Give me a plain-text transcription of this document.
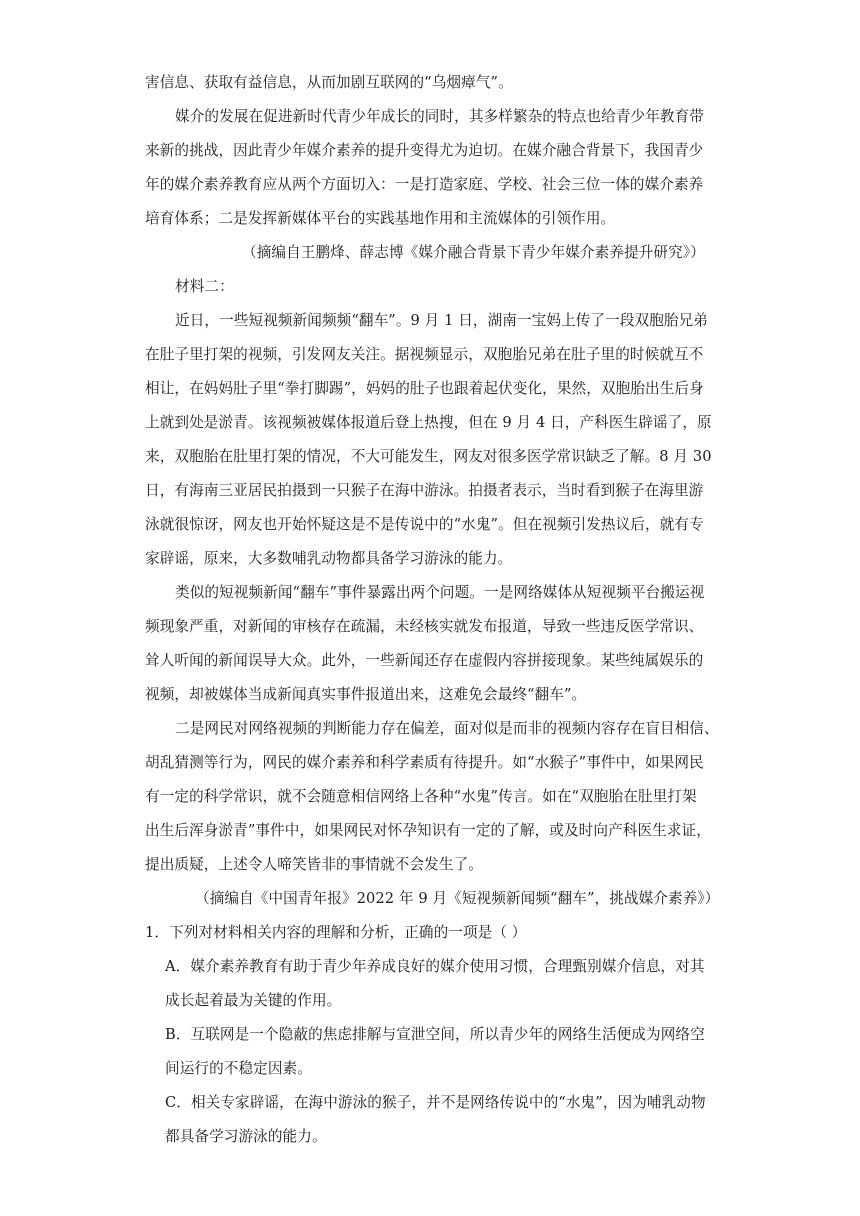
害信息、获取有益信息，从而加剧互联网的“乌烟瘴气”。
媒介的发展在促进新时代青少年成长的同时，其多样繁杂的特点也给青少年教育带
来新的挑战，因此青少年媒介素养的提升变得尤为迫切。在媒介融合背景下，我国青少
年的媒介素养教育应从两个方面切入：一是打造家庭、学校、社会三位一体的媒介素养
培育体系；二是发挥新媒体平台的实践基地作用和主流媒体的引领作用。
（摘编自王鹏烽、薛志博《媒介融合背景下青少年媒介素养提升研究》）
材料二：
近日，一些短视频新闻频频“翻车”。9 月 1 日，湖南一宝妈上传了一段双胞胎兄弟
在肚子里打架的视频，引发网友关注。据视频显示，双胞胎兄弟在肚子里的时候就互不
相让，在妈妈肚子里“拳打脚踢”，妈妈的肚子也跟着起伏变化，果然，双胞胎出生后身
上就到处是淤青。该视频被媒体报道后登上热搜，但在 9 月 4 日，产科医生辟谣了，原
来，双胞胎在肚里打架的情况，不大可能发生，网友对很多医学常识缺乏了解。8 月 30
日，有海南三亚居民拍摄到一只猴子在海中游泳。拍摄者表示，当时看到猴子在海里游
泳就很惊讶，网友也开始怀疑这是不是传说中的“水鬼”。但在视频引发热议后，就有专
家辟谣，原来，大多数哺乳动物都具备学习游泳的能力。
类似的短视频新闻“翻车”事件暴露出两个问题。一是网络媒体从短视频平台搬运视
频现象严重，对新闻的审核存在疏漏，未经核实就发布报道，导致一些违反医学常识、
耸人听闻的新闻误导大众。此外，一些新闻还存在虚假内容拼接现象。某些纯属娱乐的
视频，却被媒体当成新闻真实事件报道出来，这难免会最终“翻车”。
二是网民对网络视频的判断能力存在偏差，面对似是而非的视频内容存在盲目相信、
胡乱猜测等行为，网民的媒介素养和科学素质有待提升。如“水猴子”事件中，如果网民
有一定的科学常识，就不会随意相信网络上各种“水鬼”传言。如在“双胞胎在肚里打架
出生后浑身淤青”事件中，如果网民对怀孕知识有一定的了解，或及时向产科医生求证，
提出质疑，上述令人啼笑皆非的事情就不会发生了。
（摘编自《中国青年报》2022 年 9 月《短视频新闻频“翻车”，挑战媒介素养》）
1．下列对材料相关内容的理解和分析，正确的一项是（ ）
A．媒介素养教育有助于青少年养成良好的媒介使用习惯，合理甄别媒介信息，对其
成长起着最为关键的作用。
B．互联网是一个隐蔽的焦虑排解与宣泄空间，所以青少年的网络生活便成为网络空
间运行的不稳定因素。
C．相关专家辟谣，在海中游泳的猴子，并不是网络传说中的“水鬼”，因为哺乳动物
都具备学习游泳的能力。
